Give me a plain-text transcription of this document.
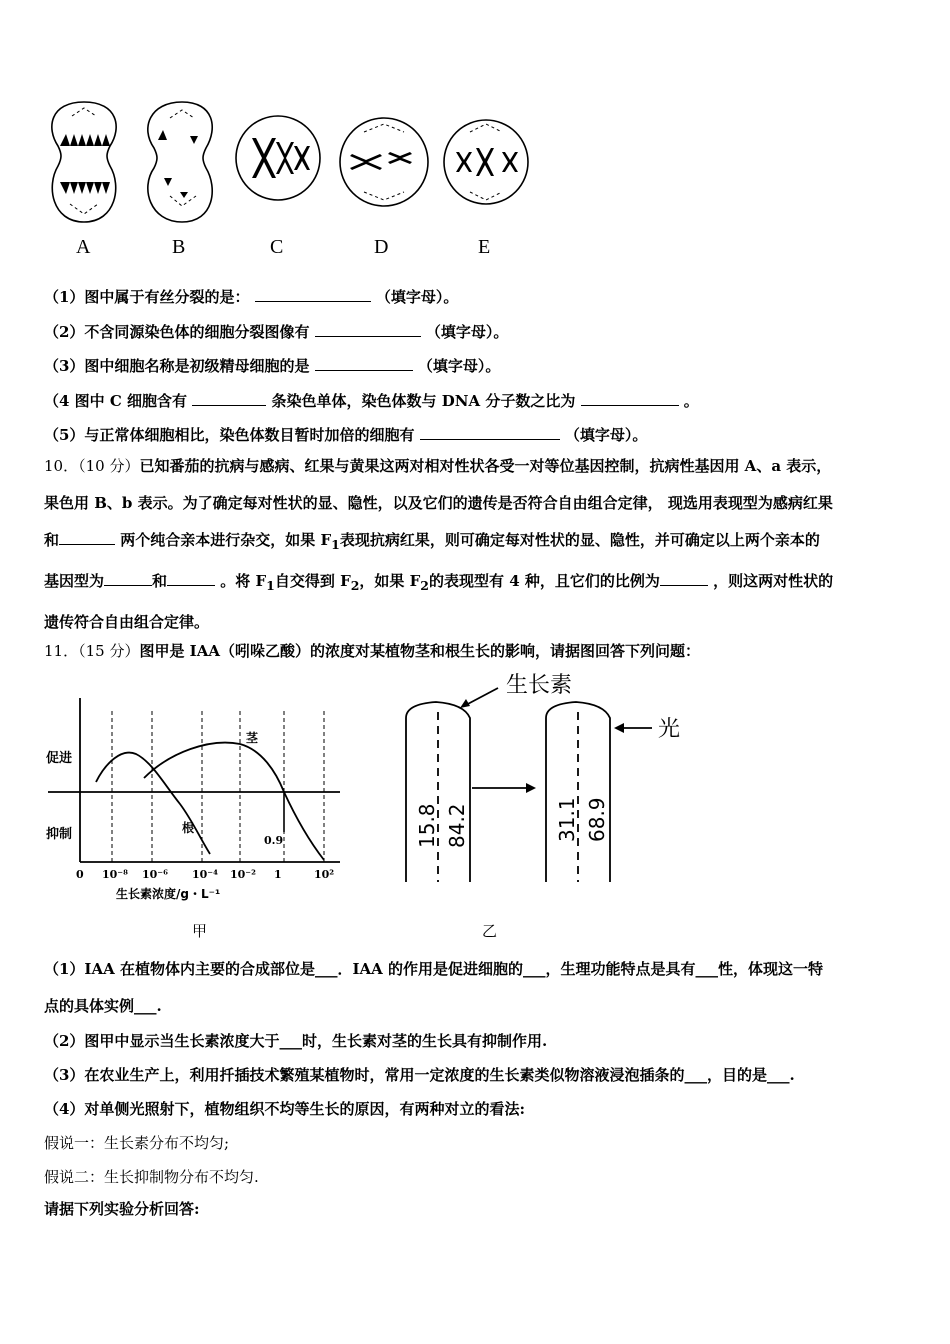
A	B	C	D	E
（1）图中属于有丝分裂的是：	（填字母）。
（2）不含同源染色体的细胞分裂图像有	（填字母）。
（3）图中细胞名称是初级精母细胞的是	（填字母）。
（4 图中 C 细胞含有	条染色单体，染色体数与 DNA 分子数之比为	。
（5）与正常体细胞相比，染色体数目暂时加倍的细胞有	（填字母）。
10．（10 分）已知番茄的抗病与感病、红果与黄果这两对相对性状各受一对等位基因控制，抗病性基因用 A、a 表示，
果色用 B、b 表示。为了确定每对性状的显、隐性，以及它们的遗传是否符合自由组合定律， 现选用表现型为感病红果
和	两个纯合亲本进行杂交，如果 $F_1$表现抗病红果，则可确定每对性状的显、隐性，并可确定以上两个亲本的
基因型为	和	。将 $F_1$自交得到 $F_2$，如果 $F_2$的表现型有 4 种，且它们的比例为	，则这两对性状的
遗传符合自由组合定律。
11．（15 分）图甲是 IAA（吲哚乙酸）的浓度对某植物茎和根生长的影响，请据图回答下列问题：
0 10⁻⁸ 10⁻⁶ 10⁻⁴ 10⁻² 1	10²
促进
抑制
生长素浓度/g・L⁻¹
根
茎
0.9
甲
生长素
光
15.8 84.2	31.1 68.9
乙
（1）IAA 在植物体内主要的合成部位是___．IAA 的作用是促进细胞的___，生理功能特点是具有___性，体现这一特
点的具体实例___.
（2）图甲中显示当生长素浓度大于___时，生长素对茎的生长具有抑制作用.
（3）在农业生产上，利用扦插技术繁殖某植物时，常用一定浓度的生长素类似物溶液浸泡插条的___，目的是___.
（4）对单侧光照射下，植物组织不均等生长的原因，有两种对立的看法:
假说一：生长素分布不均匀;
假说二：生长抑制物分布不均匀.
请据下列实验分析回答:
